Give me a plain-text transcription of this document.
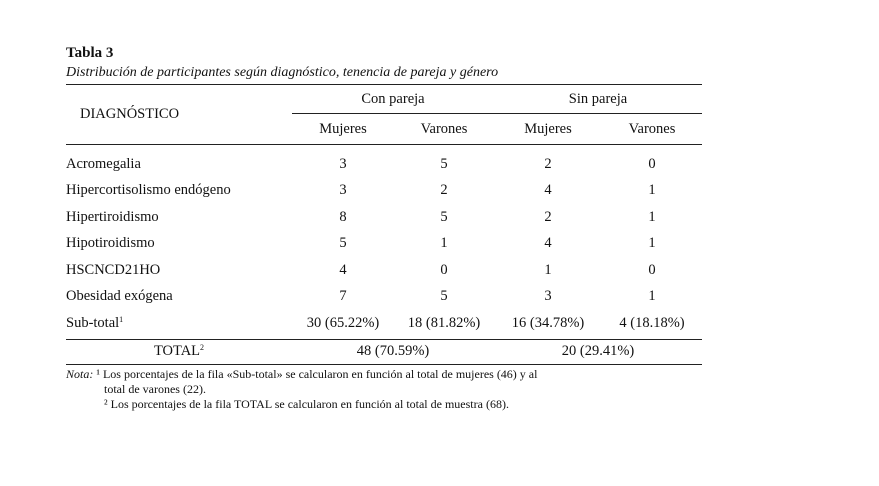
Tabla 3
Distribución de participantes según diagnóstico, tenencia de pareja y género

DIAGNÓSTICO	Con pareja		Sin pareja	
	Mujeres	Varones	Mujeres	Varones
Acromegalia	3	5	2	0
Hipercortisolismo endógeno	3	2	4	1
Hipertiroidismo	8	5	2	1
Hipotiroidismo	5	1	4	1
HSCNCD21HO	4	0	1	0
Obesidad exógena	7	5	3	1
Sub-total$^1$	30 (65.22%)	18 (81.82%)	16 (34.78%)	4 (18.18%)
TOTAL$^2$	48 (70.59%)		20 (29.41%)	
Nota: ¹ Los porcentajes de la fila «Sub-total» se calcularon en función al total de mujeres (46) y al
total de varones (22).
² Los porcentajes de la fila TOTAL se calcularon en función al total de muestra (68).
